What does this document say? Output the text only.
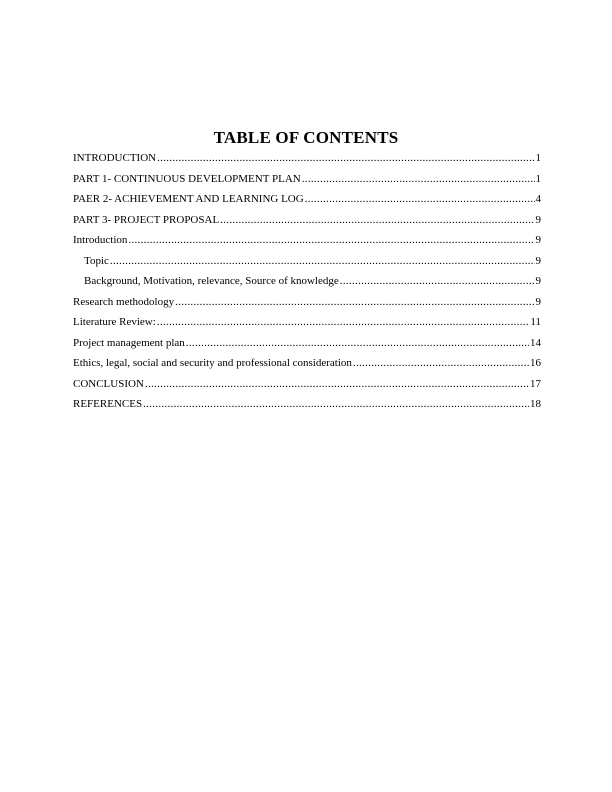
TABLE OF CONTENTS
INTRODUCTION .....	1
PART 1- CONTINUOUS DEVELOPMENT PLAN .....	1
PAER 2- ACHIEVEMENT AND LEARNING LOG .....	4
PART 3- PROJECT PROPOSAL .....	9
Introduction .....	9
Topic .....	9
Background, Motivation, relevance, Source of knowledge .....	9
Research methodology .....	9
Literature Review: .....	11
Project management plan .....	14
Ethics, legal, social and security and professional consideration .....	16
CONCLUSION .....	17
REFERENCES .....	18
